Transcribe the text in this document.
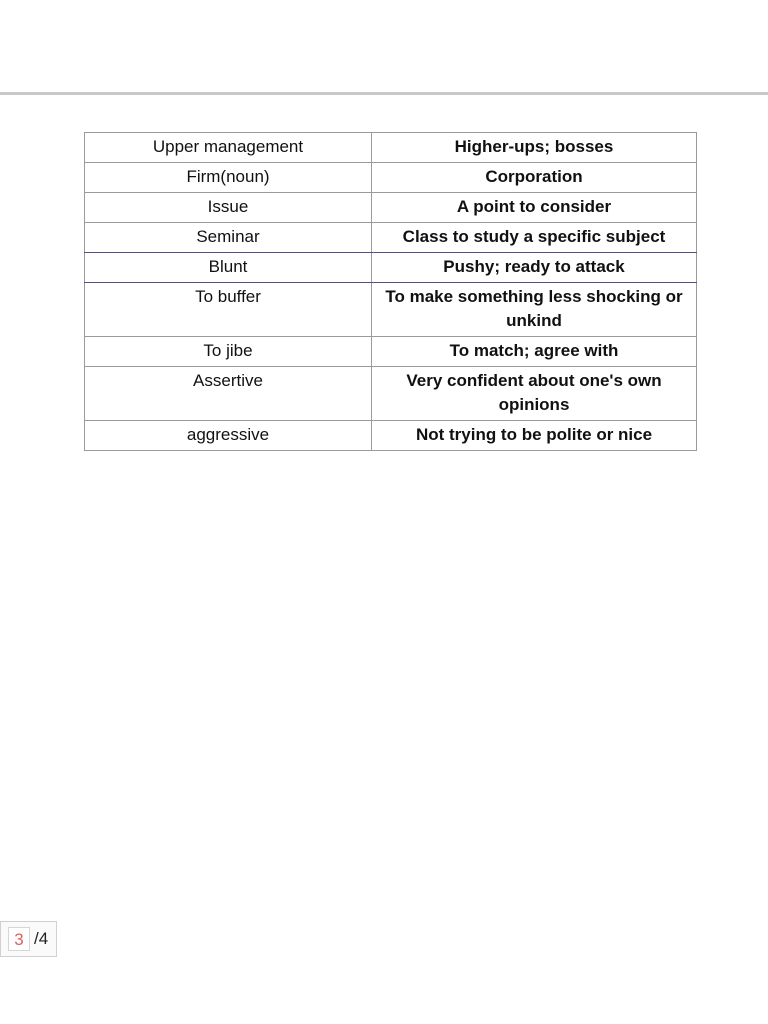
Upper management	Higher-ups; bosses
Firm(noun)	Corporation
Issue	A point to consider
Seminar	Class to study a specific subject
Blunt	Pushy; ready to attack
To buffer	To make something less shocking or unkind
To jibe	To match; agree with
Assertive	Very confident about one's own opinions
aggressive	Not trying to be polite or nice
3 /4
